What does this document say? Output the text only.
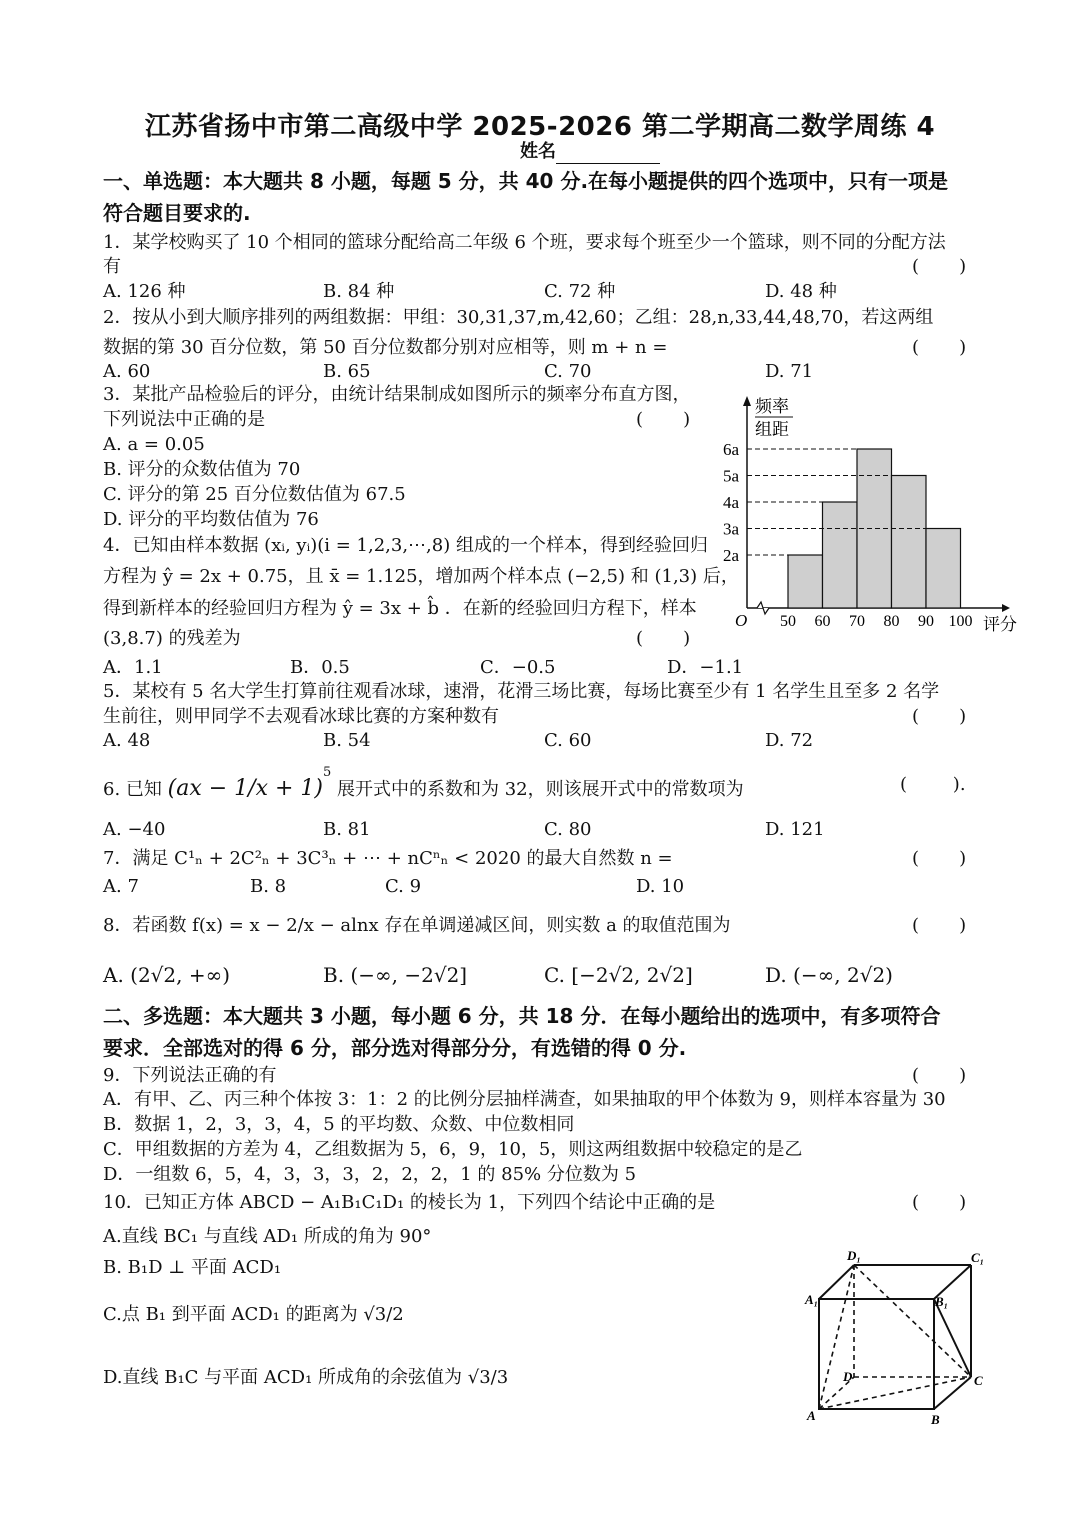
江苏省扬中市第二高级中学 2025-2026 第二学期高二数学周练 4
姓名
一、单选题：本大题共 8 小题，每题 5 分，共 40 分.在每小题提供的四个选项中，只有一项是
符合题目要求的.
1．某学校购买了 10 个相同的篮球分配给高二年级 6 个班，要求每个班至少一个篮球，则不同的分配方法
有	(       )
A. 126 种	B. 84 种	C. 72 种	D. 48 种
2．按从小到大顺序排列的两组数据：甲组：30,31,37,m,42,60；乙组：28,n,33,44,48,70，若这两组
数据的第 30 百分位数，第 50 百分位数都分别对应相等，则 m + n =	(       )
A. 60	B. 65	C. 70	D. 71
3．某批产品检验后的评分，由统计结果制成如图所示的频率分布直方图，
下列说法中正确的是	(       )
A. a = 0.05
B. 评分的众数估值为 70
C. 评分的第 25 百分位数估值为 67.5
D. 评分的平均数估值为 76
频率
组距
O	评分
2a
3a
4a
5a
6a
50 60 70 80 90 100
4．已知由样本数据 (xᵢ, yᵢ)(i = 1,2,3,⋯,8) 组成的一个样本，得到经验回归
方程为 ŷ = 2x + 0.75，且 x̄ = 1.125，增加两个样本点 (−2,5) 和 (1,3) 后，
得到新样本的经验回归方程为 ŷ = 3x + b̂ ．在新的经验回归方程下，样本
(3,8.7) 的残差为	(       )
A．1.1	B．0.5	C．−0.5	D．−1.1
5．某校有 5 名大学生打算前往观看冰球，速滑，花滑三场比赛，每场比赛至少有 1 名学生且至多 2 名学
生前往，则甲同学不去观看冰球比赛的方案种数有	(       )
A. 48	B. 54	C. 60	D. 72
6. 已知 (ax − 1/x + 1)$^5$ 展开式中的系数和为 32，则该展开式中的常数项为	(        ).
A. −40	B. 81	C. 80	D. 121
7．满足 C¹ₙ + 2C²ₙ + 3C³ₙ + ⋯ + nCⁿₙ < 2020 的最大自然数 n =	(       )
A. 7	B. 8	C. 9	D. 10
8．若函数 f(x) = x − 2/x − alnx 存在单调递减区间，则实数 a 的取值范围为	(       )
A. (2√2, +∞)	B. (−∞, −2√2]	C. [−2√2, 2√2]	D. (−∞, 2√2)
二、多选题：本大题共 3 小题，每小题 6 分，共 18 分．在每小题给出的选项中，有多项符合
要求．全部选对的得 6 分，部分选对得部分分，有选错的得 0 分.
9．下列说法正确的有	(       )
A．有甲、乙、丙三种个体按 3：1：2 的比例分层抽样满查，如果抽取的甲个体数为 9，则样本容量为 30
B．数据 1，2，3，3，4，5 的平均数、众数、中位数相同
C．甲组数据的方差为 4，乙组数据为 5，6，9，10，5，则这两组数据中较稳定的是乙
D．一组数 6，5，4，3，3，3，2，2，2，1 的 85% 分位数为 5
10．已知正方体 ABCD − A₁B₁C₁D₁ 的棱长为 1，下列四个结论中正确的是	(       )
A.直线 BC₁ 与直线 AD₁ 所成的角为 90°
B. B₁D ⊥ 平面 ACD₁
C.点 B₁ 到平面 ACD₁ 的距离为 √3/2
D.直线 B₁C 与平面 ACD₁ 所成角的余弦值为 √3/3
D₁	C₁
A₁	B₁
D	C
A	B
